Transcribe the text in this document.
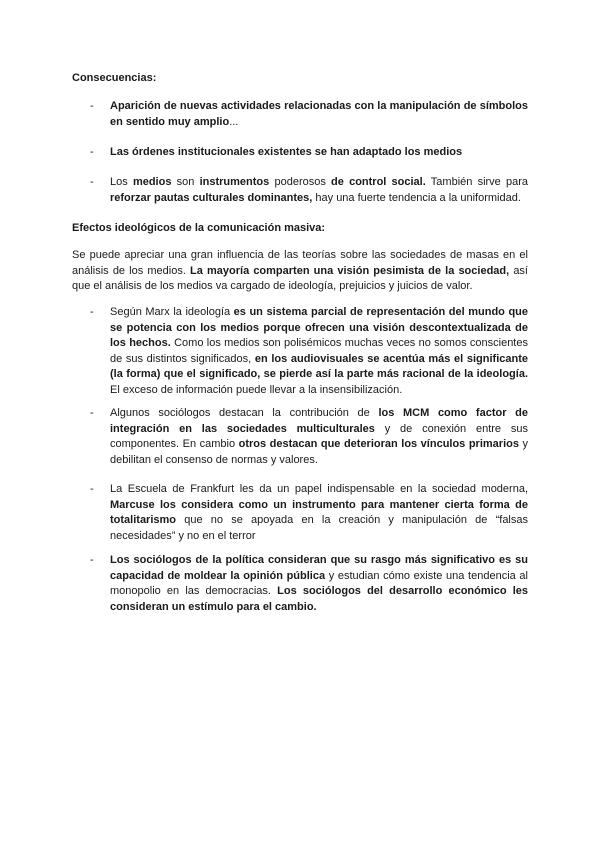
Consecuencias:
- Aparición de nuevas actividades relacionadas con la manipulación de símbolos en sentido muy amplio...
- Las órdenes institucionales existentes se han adaptado los medios
- Los medios son instrumentos poderosos de control social. También sirve para reforzar pautas culturales dominantes, hay una fuerte tendencia a la uniformidad.
Efectos ideológicos de la comunicación masiva:
Se puede apreciar una gran influencia de las teorías sobre las sociedades de masas en el análisis de los medios. La mayoría comparten una visión pesimista de la sociedad, así que el análisis de los medios va cargado de ideología, prejuicios y juicios de valor.
- Según Marx la ideología es un sistema parcial de representación del mundo que se potencia con los medios porque ofrecen una visión descontextualizada de los hechos. Como los medios son polisémicos muchas veces no somos conscientes de sus distintos significados, en los audiovisuales se acentúa más el significante (la forma) que el significado, se pierde así la parte más racional de la ideología. El exceso de información puede llevar a la insensibilización.
- Algunos sociólogos destacan la contribución de los MCM como factor de integración en las sociedades multiculturales y de conexión entre sus componentes. En cambio otros destacan que deterioran los vínculos primarios y debilitan el consenso de normas y valores.
- La Escuela de Frankfurt les da un papel indispensable en la sociedad moderna, Marcuse los considera como un instrumento para mantener cierta forma de totalitarismo que no se apoyada en la creación y manipulación de “falsas necesidades” y no en el terror
- Los sociólogos de la política consideran que su rasgo más significativo es su capacidad de moldear la opinión pública y estudian cómo existe una tendencia al monopolio en las democracias. Los sociólogos del desarrollo económico les consideran un estímulo para el cambio.
